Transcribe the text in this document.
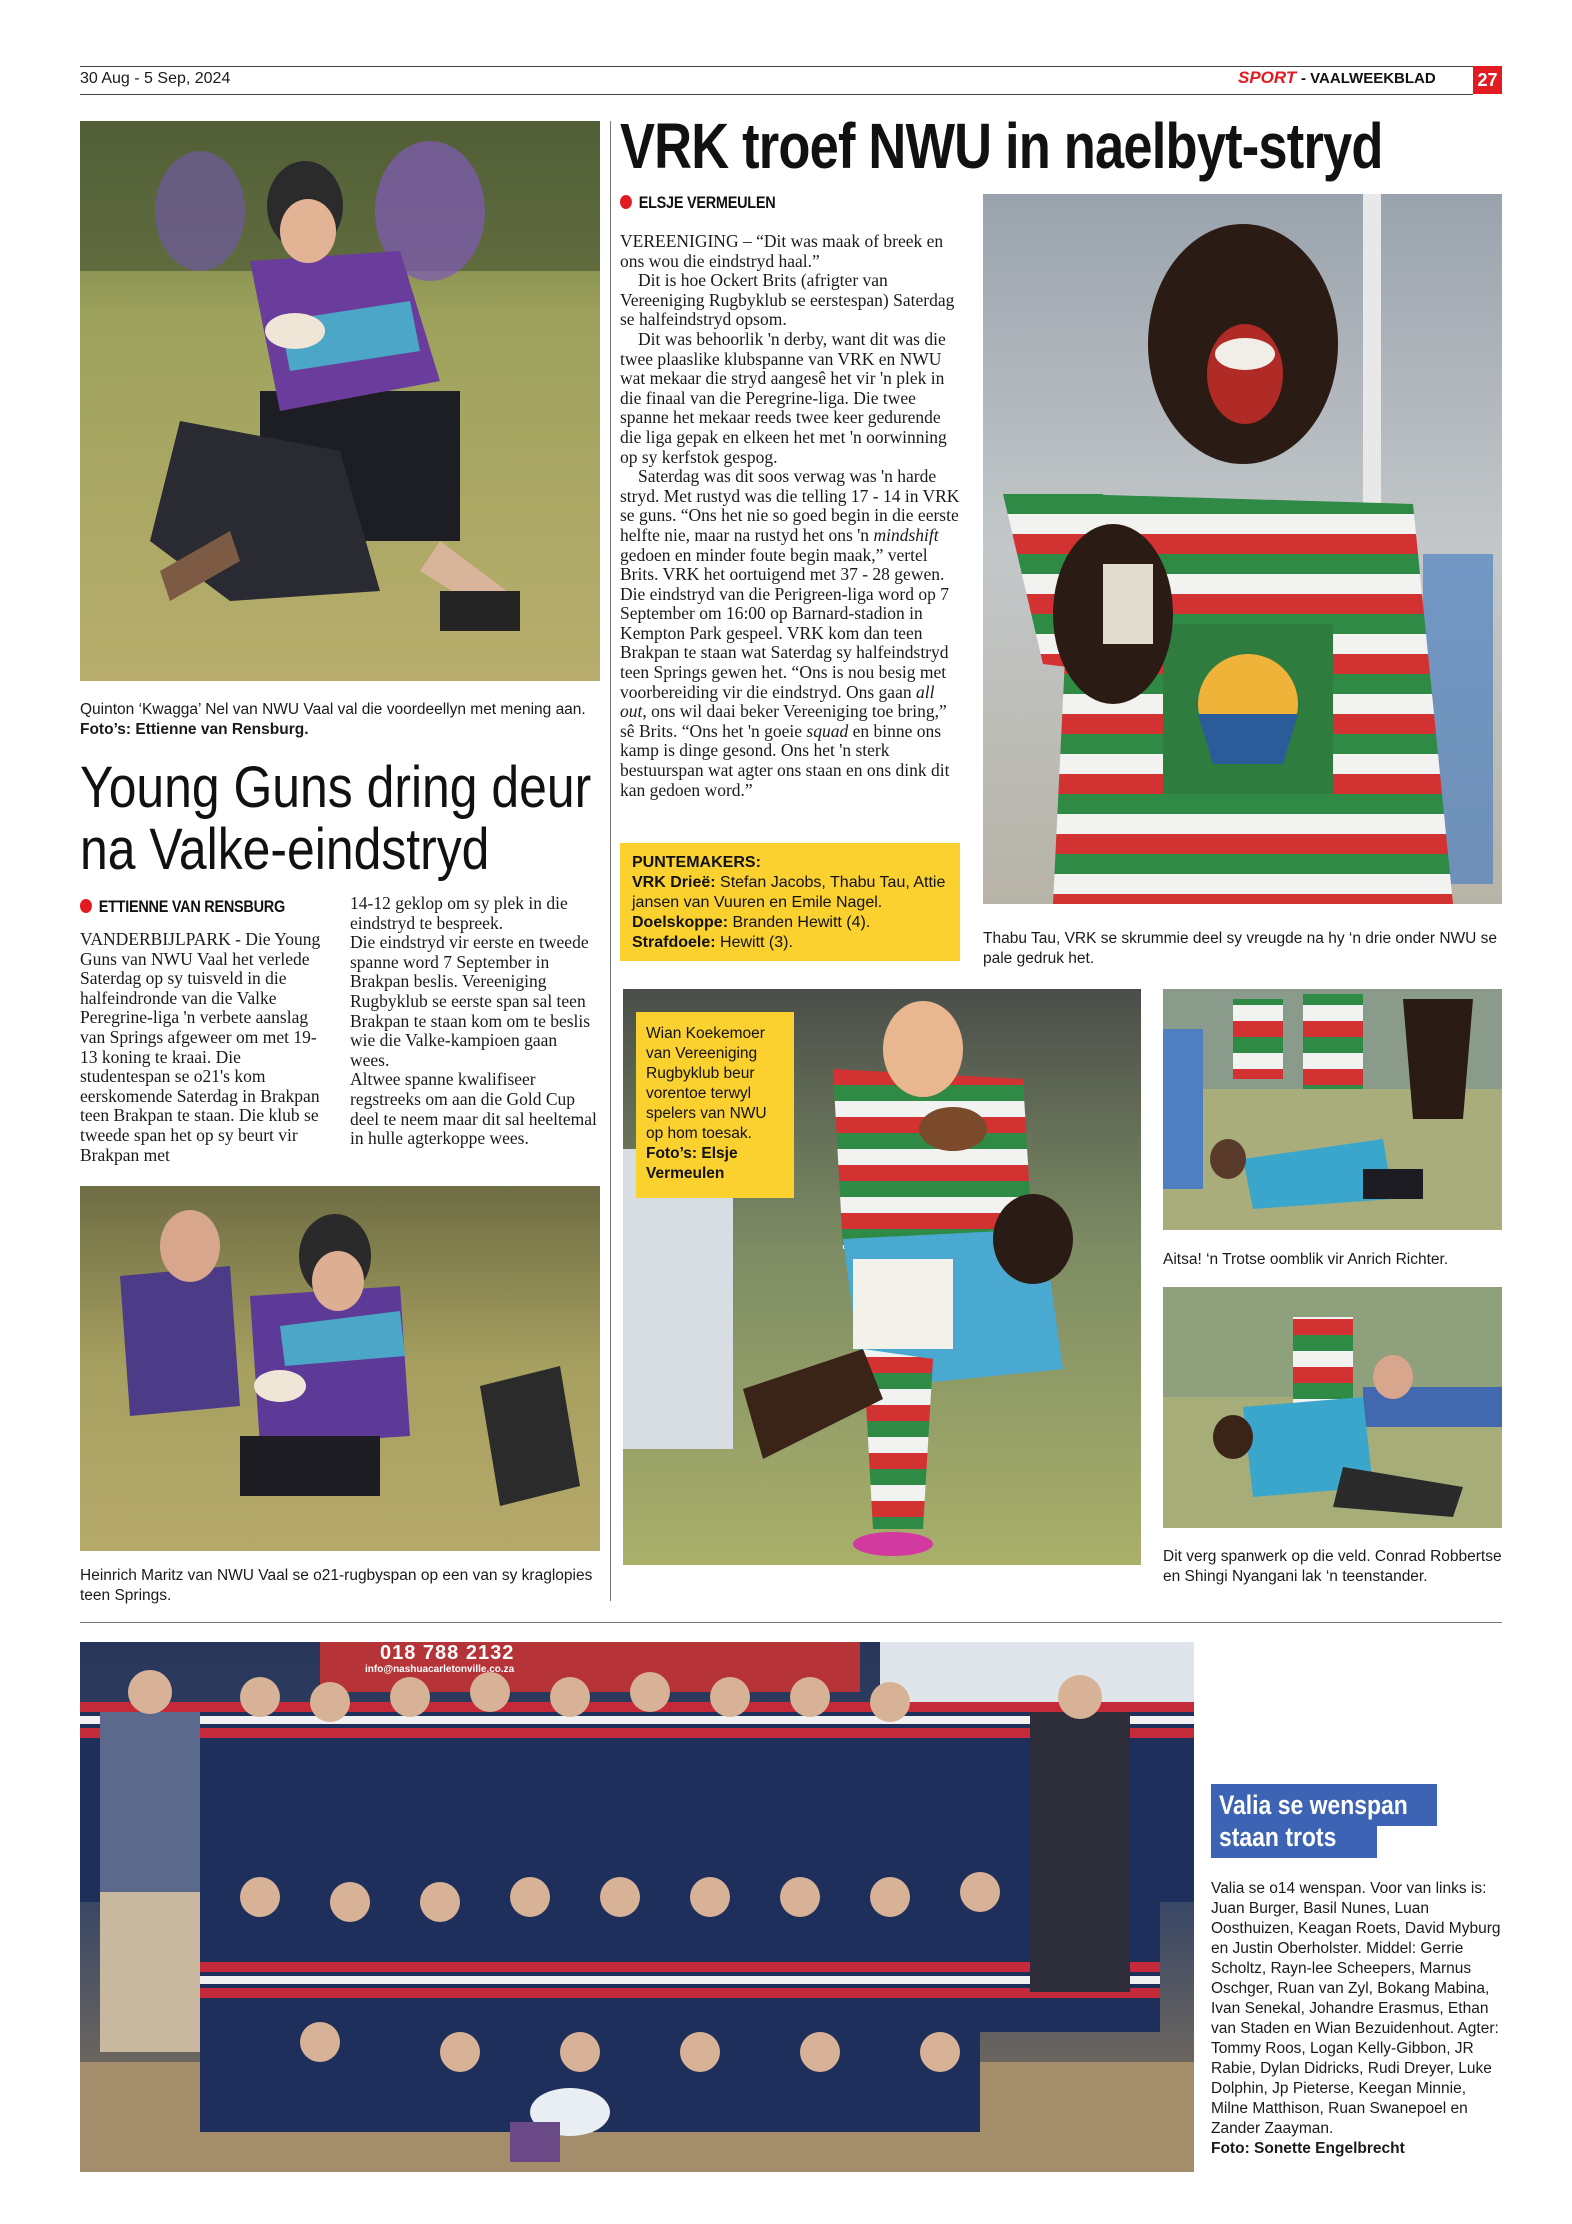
30 Aug - 5 Sep, 2024	SPORT - VAALWEEKBLAD 27
Quinton ‘Kwagga’ Nel van NWU Vaal val die voordeellyn met mening aan. Foto’s: Ettienne van Rensburg.
Young Guns dring deur
na Valke-eindstryd
ETTIENNE VAN RENSBURG

VANDERBIJLPARK - Die Young Guns van NWU Vaal het verlede Saterdag op sy tuisveld in die halfeindronde van die Valke Peregrine-liga 'n verbete aanslag van Springs afgeweer om met 19-13 koning te kraai. Die studentespan se o21's kom eerskomende Saterdag in Brakpan teen Brakpan te staan. Die klub se tweede span het op sy beurt vir Brakpan met

14-12 geklop om sy plek in die eindstryd te bespreek.

Die eindstryd vir eerste en tweede spanne word 7 September in Brakpan beslis. Vereeniging Rugbyklub se eerste span sal teen Brakpan te staan kom om te beslis wie die Valke-kampioen gaan wees.

Altwee spanne kwalifiseer regstreeks om aan die Gold Cup deel te neem maar dit sal heeltemal in hulle agterkoppe wees.

Heinrich Maritz van NWU Vaal se o21-rugbyspan op een van sy kraglopies teen Springs.
VRK troef NWU in naelbyt-stryd
ELSJE VERMEULEN

VEREENIGING – “Dit was maak of breek en ons wou die eindstryd haal.”

Dit is hoe Ockert Brits (afrigter van Vereeniging Rugbyklub se eerstespan) Saterdag se halfeindstryd opsom.

Dit was behoorlik 'n derby, want dit was die twee plaaslike klubspanne van VRK en NWU wat mekaar die stryd aangesê het vir 'n plek in die finaal van die Peregrine-liga. Die twee spanne het mekaar reeds twee keer gedurende die liga gepak en elkeen het met 'n oorwinning op sy kerfstok gespog.

Saterdag was dit soos verwag was 'n harde stryd. Met rustyd was die telling 17 - 14 in VRK se guns. “Ons het nie so goed begin in die eerste helfte nie, maar na rustyd het ons 'n mindshift gedoen en minder foute begin maak,” vertel Brits. VRK het oortuigend met 37 - 28 gewen. Die eindstryd van die Perigreen-liga word op 7 September om 16:00 op Barnard-stadion in Kempton Park gespeel. VRK kom dan teen Brakpan te staan wat Saterdag sy halfeindstryd teen Springs gewen het. “Ons is nou besig met voorbereiding vir die eindstryd. Ons gaan all out, ons wil daai beker Vereeniging toe bring,” sê Brits. “Ons het 'n goeie squad en binne ons kamp is dinge gesond. Ons het 'n sterk bestuurspan wat agter ons staan en ons dink dit kan gedoen word.”

PUNTEMAKERS:
VRK Drieë: Stefan Jacobs, Thabu Tau, Attie jansen van Vuuren en Emile Nagel. Doelskoppe: Branden Hewitt (4). Strafdoele: Hewitt (3).	Thabu Tau, VRK se skrummie deel sy vreugde na hy ‘n drie onder NWU se pale gedruk het.
Wian Koekemoer van Vereeniging Rugbyklub beur vorentoe terwyl spelers van NWU op hom toesak. Foto’s: Elsje Vermeulen
Aitsa! ‘n Trotse oomblik vir Anrich Richter.
Dit verg spanwerk op die veld. Conrad Robbertse en Shingi Nyangani lak ‘n teenstander.
018 788 2132
info@nashuacarletonville.co.za
Valia se wenspan
staan trots
Valia se o14 wenspan. Voor van links is: Juan Burger, Basil Nunes, Luan Oosthuizen, Keagan Roets, David Myburg en Justin Oberholster. Middel: Gerrie Scholtz, Rayn-lee Scheepers, Marnus Oschger, Ruan van Zyl, Bokang Mabina, Ivan Senekal, Johandre Erasmus, Ethan van Staden en Wian Bezuidenhout. Agter: Tommy Roos, Logan Kelly-Gibbon, JR Rabie, Dylan Didricks, Rudi Dreyer, Luke Dolphin, Jp Pieterse, Keegan Minnie, Milne Matthison, Ruan Swanepoel en Zander Zaayman.
Foto: Sonette Engelbrecht
